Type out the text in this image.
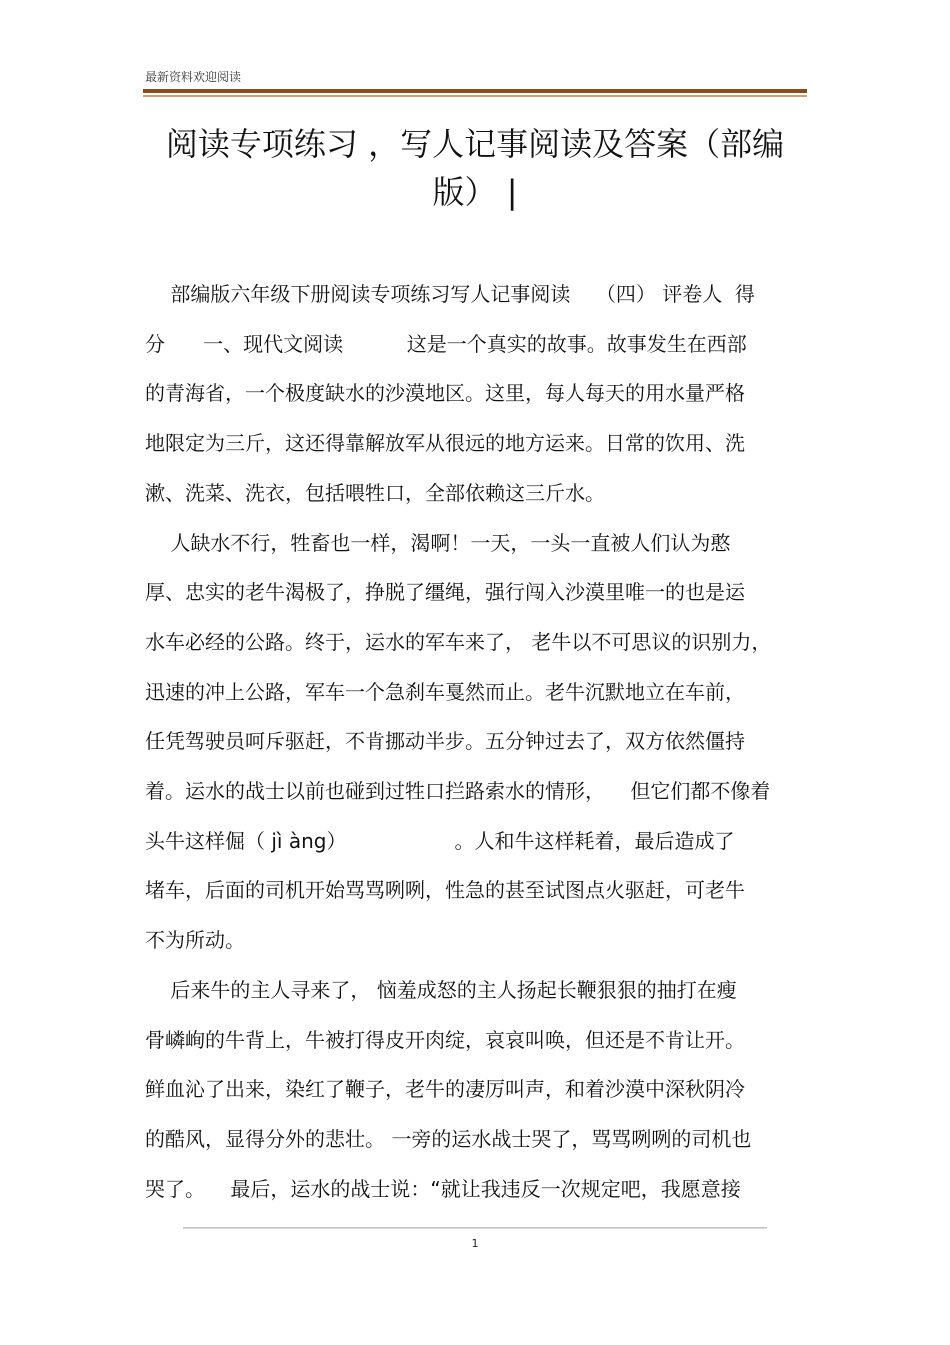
最新资料欢迎阅读
阅读专项练习 ，写人记事阅读及答案（部编
版） |
部编版六年级下册阅读专项练习写人记事阅读    （四） 评卷人  得
分      一、现代文阅读          这是一个真实的故事。故事发生在西部
的青海省，一个极度缺水的沙漠地区。这里，每人每天的用水量严格
地限定为三斤，这还得靠解放军从很远的地方运来。日常的饮用、洗
漱、洗菜、洗衣，包括喂牲口，全部依赖这三斤水。
人缺水不行，牲畜也一样，渴啊！一天，一头一直被人们认为憨
厚、忠实的老牛渴极了，挣脱了缰绳，强行闯入沙漠里唯一的也是运
水车必经的公路。终于，运水的军车来了， 老牛以不可思议的识别力，
迅速的冲上公路，军车一个急刹车戛然而止。老牛沉默地立在车前，
任凭驾驶员呵斥驱赶，不肯挪动半步。五分钟过去了，双方依然僵持
着。运水的战士以前也碰到过牲口拦路索水的情形，    但它们都不像着
头牛这样倔（ jì àng）                 。人和牛这样耗着，最后造成了
堵车，后面的司机开始骂骂咧咧，性急的甚至试图点火驱赶，可老牛
不为所动。
后来牛的主人寻来了， 恼羞成怒的主人扬起长鞭狠狠的抽打在瘦
骨嶙峋的牛背上，牛被打得皮开肉绽，哀哀叫唤，但还是不肯让开。
鲜血沁了出来，染红了鞭子，老牛的凄厉叫声，和着沙漠中深秋阴冷
的酷风，显得分外的悲壮。 一旁的运水战士哭了，骂骂咧咧的司机也
哭了。    最后，运水的战士说：“就让我违反一次规定吧，我愿意接
1
